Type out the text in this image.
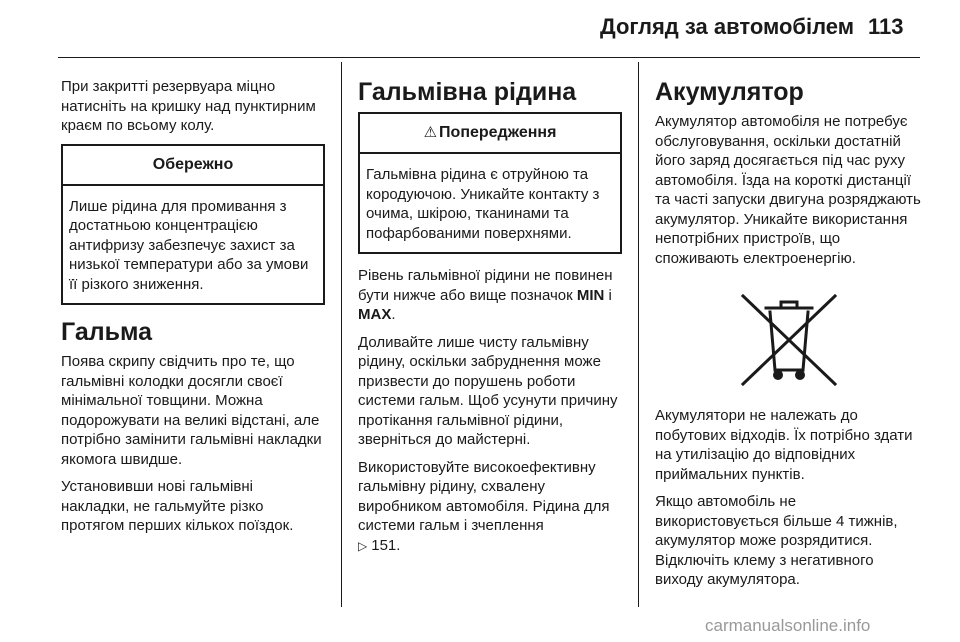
Догляд за автомобілем 113

При закритті резервуара міцно натисніть на кришку над пунктирним краєм по всьому колу.

Обережно
Лише рідина для промивання з достатньою концентрацією антифризу забезпечує захист за низької температури або за умови її різкого зниження.
Гальма

Поява скрипу свідчить про те, що гальмівні колодки досягли своєї мінімальної товщини. Можна подорожувати на великі відстані, але потрібно замінити гальмівні накладки якомога швидше.

Установивши нові гальмівні накладки, не гальмуйте різко протягом перших кількох поїздок.

Гальмівна рідина
⚠ Попередження
Гальмівна рідина є отруйною та кородуючою. Уникайте контакту з очима, шкірою, тканинами та пофарбованими поверхнями.

Рівень гальмівної рідини не повинен бути нижче або вище позначок MIN і MAX.

Доливайте лише чисту гальмівну рідину, оскільки забруднення може призвести до порушень роботи системи гальм. Щоб усунути причину протікання гальмівної рідини, зверніться до майстерні.

Використовуйте високоефективну гальмівну рідину, схвалену виробником автомобіля. Рідина для системи гальм і зчеплення
▷ 151.

Акумулятор

Акумулятор автомобіля не потребує обслуговування, оскільки достатній його заряд досягається під час руху автомобіля. Їзда на короткі дистанції та часті запуски двигуна розряджають акумулятор. Уникайте використання непотрібних пристроїв, що споживають електроенергію.

Акумулятори не належать до побутових відходів. Їх потрібно здати на утилізацію до відповідних приймальних пунктів.

Якщо автомобіль не використовується більше 4 тижнів, акумулятор може розрядитися. Відключіть клему з негативного виходу акумулятора.

carmanualsonline.info
